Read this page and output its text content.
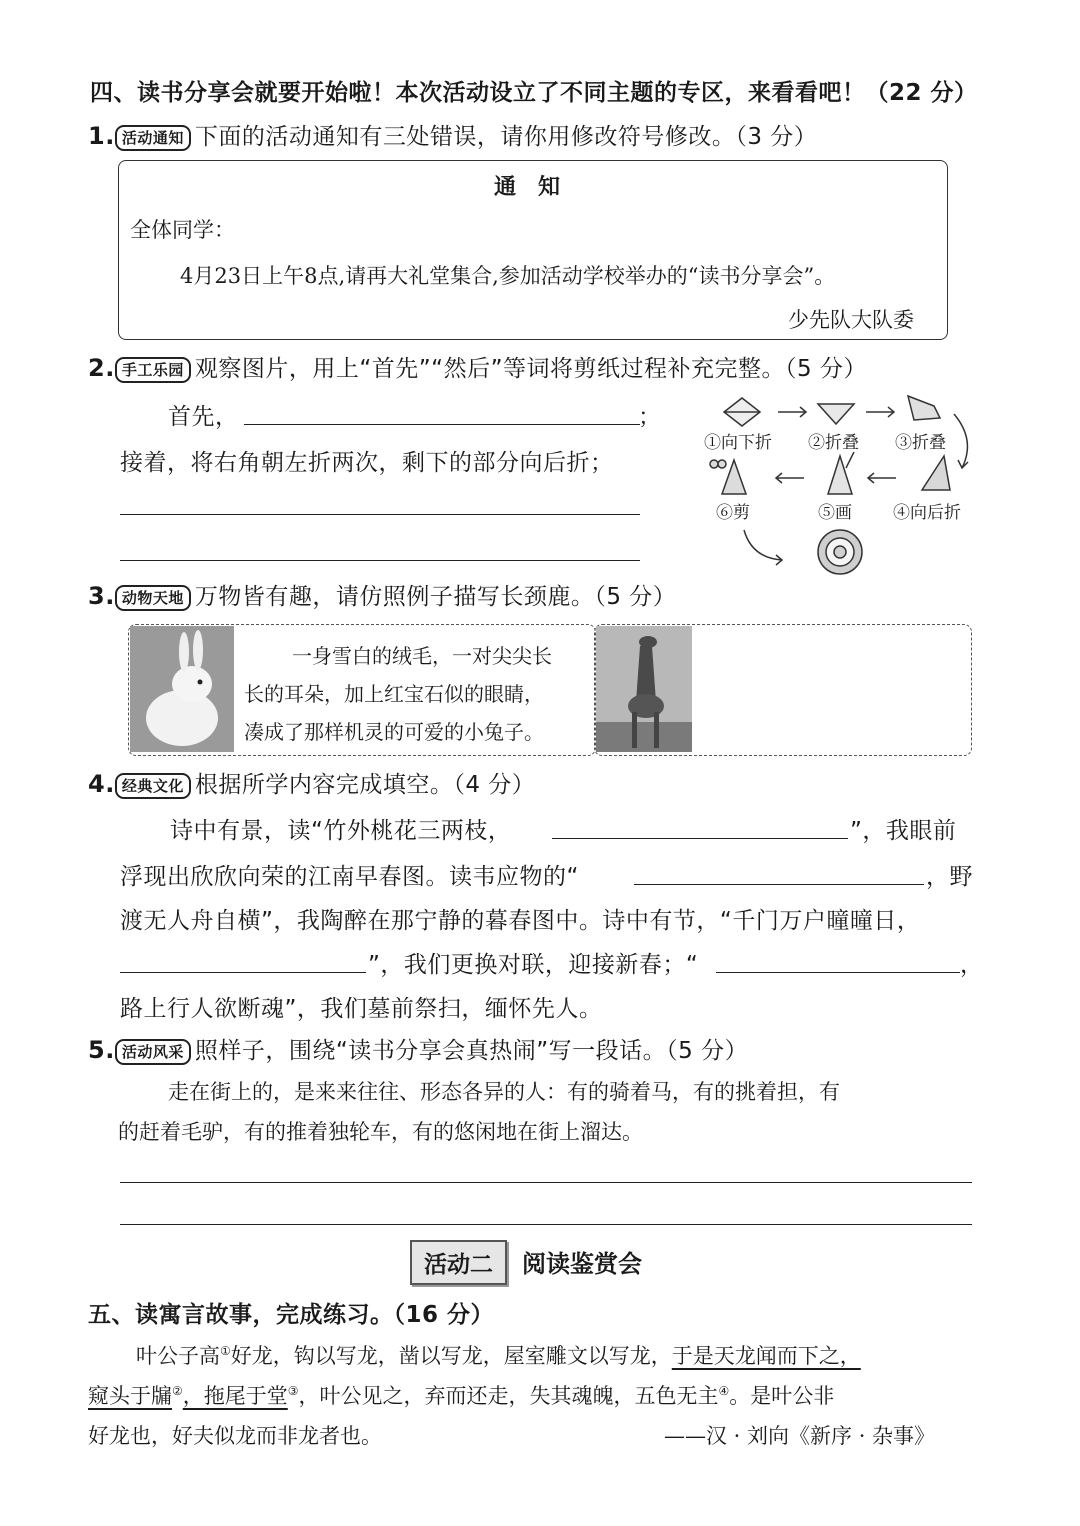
四、读书分享会就要开始啦！本次活动设立了不同主题的专区，来看看吧！（22 分）
1. 活动通知 下面的活动通知有三处错误，请你用修改符号修改。（3 分）
通　知
全体同学：
4月23日上午8点,请再大礼堂集合,参加活动学校举办的“读书分享会”。
少先队大队委
2. 手工乐园 观察图片，用上“首先”“然后”等词将剪纸过程补充完整。（5 分）
首先，	；
接着，将右角朝左折两次，剩下的部分向后折；
①向下折 ②折叠 ③折叠
④向后折
⑤画
⑥剪
3. 动物天地 万物皆有趣，请仿照例子描写长颈鹿。（5 分）
一身雪白的绒毛，一对尖尖长
长的耳朵，加上红宝石似的眼睛，
凑成了那样机灵的可爱的小兔子。
4. 经典文化 根据所学内容完成填空。（4 分）
诗中有景，读“竹外桃花三两枝，	”，我眼前
浮现出欣欣向荣的江南早春图。读韦应物的“	，野
渡无人舟自横”，我陶醉在那宁静的暮春图中。诗中有节，“千门万户曈曈日，
”，我们更换对联，迎接新春；“	，
路上行人欲断魂”，我们墓前祭扫，缅怀先人。
5. 活动风采 照样子，围绕“读书分享会真热闹”写一段话。（5 分）
走在街上的，是来来往往、形态各异的人：有的骑着马，有的挑着担，有
的赶着毛驴，有的推着独轮车，有的悠闲地在街上溜达。
活动二	阅读鉴赏会
五、读寓言故事，完成练习。（16 分）
叶公子高①好龙，钩以写龙，凿以写龙，屋室雕文以写龙，于是天龙闻而下之，
窥头于牖②，拖尾于堂③，叶公见之，弃而还走，失其魂魄，五色无主④。是叶公非
好龙也，好夫似龙而非龙者也。	——汉 · 刘向《新序 · 杂事》
